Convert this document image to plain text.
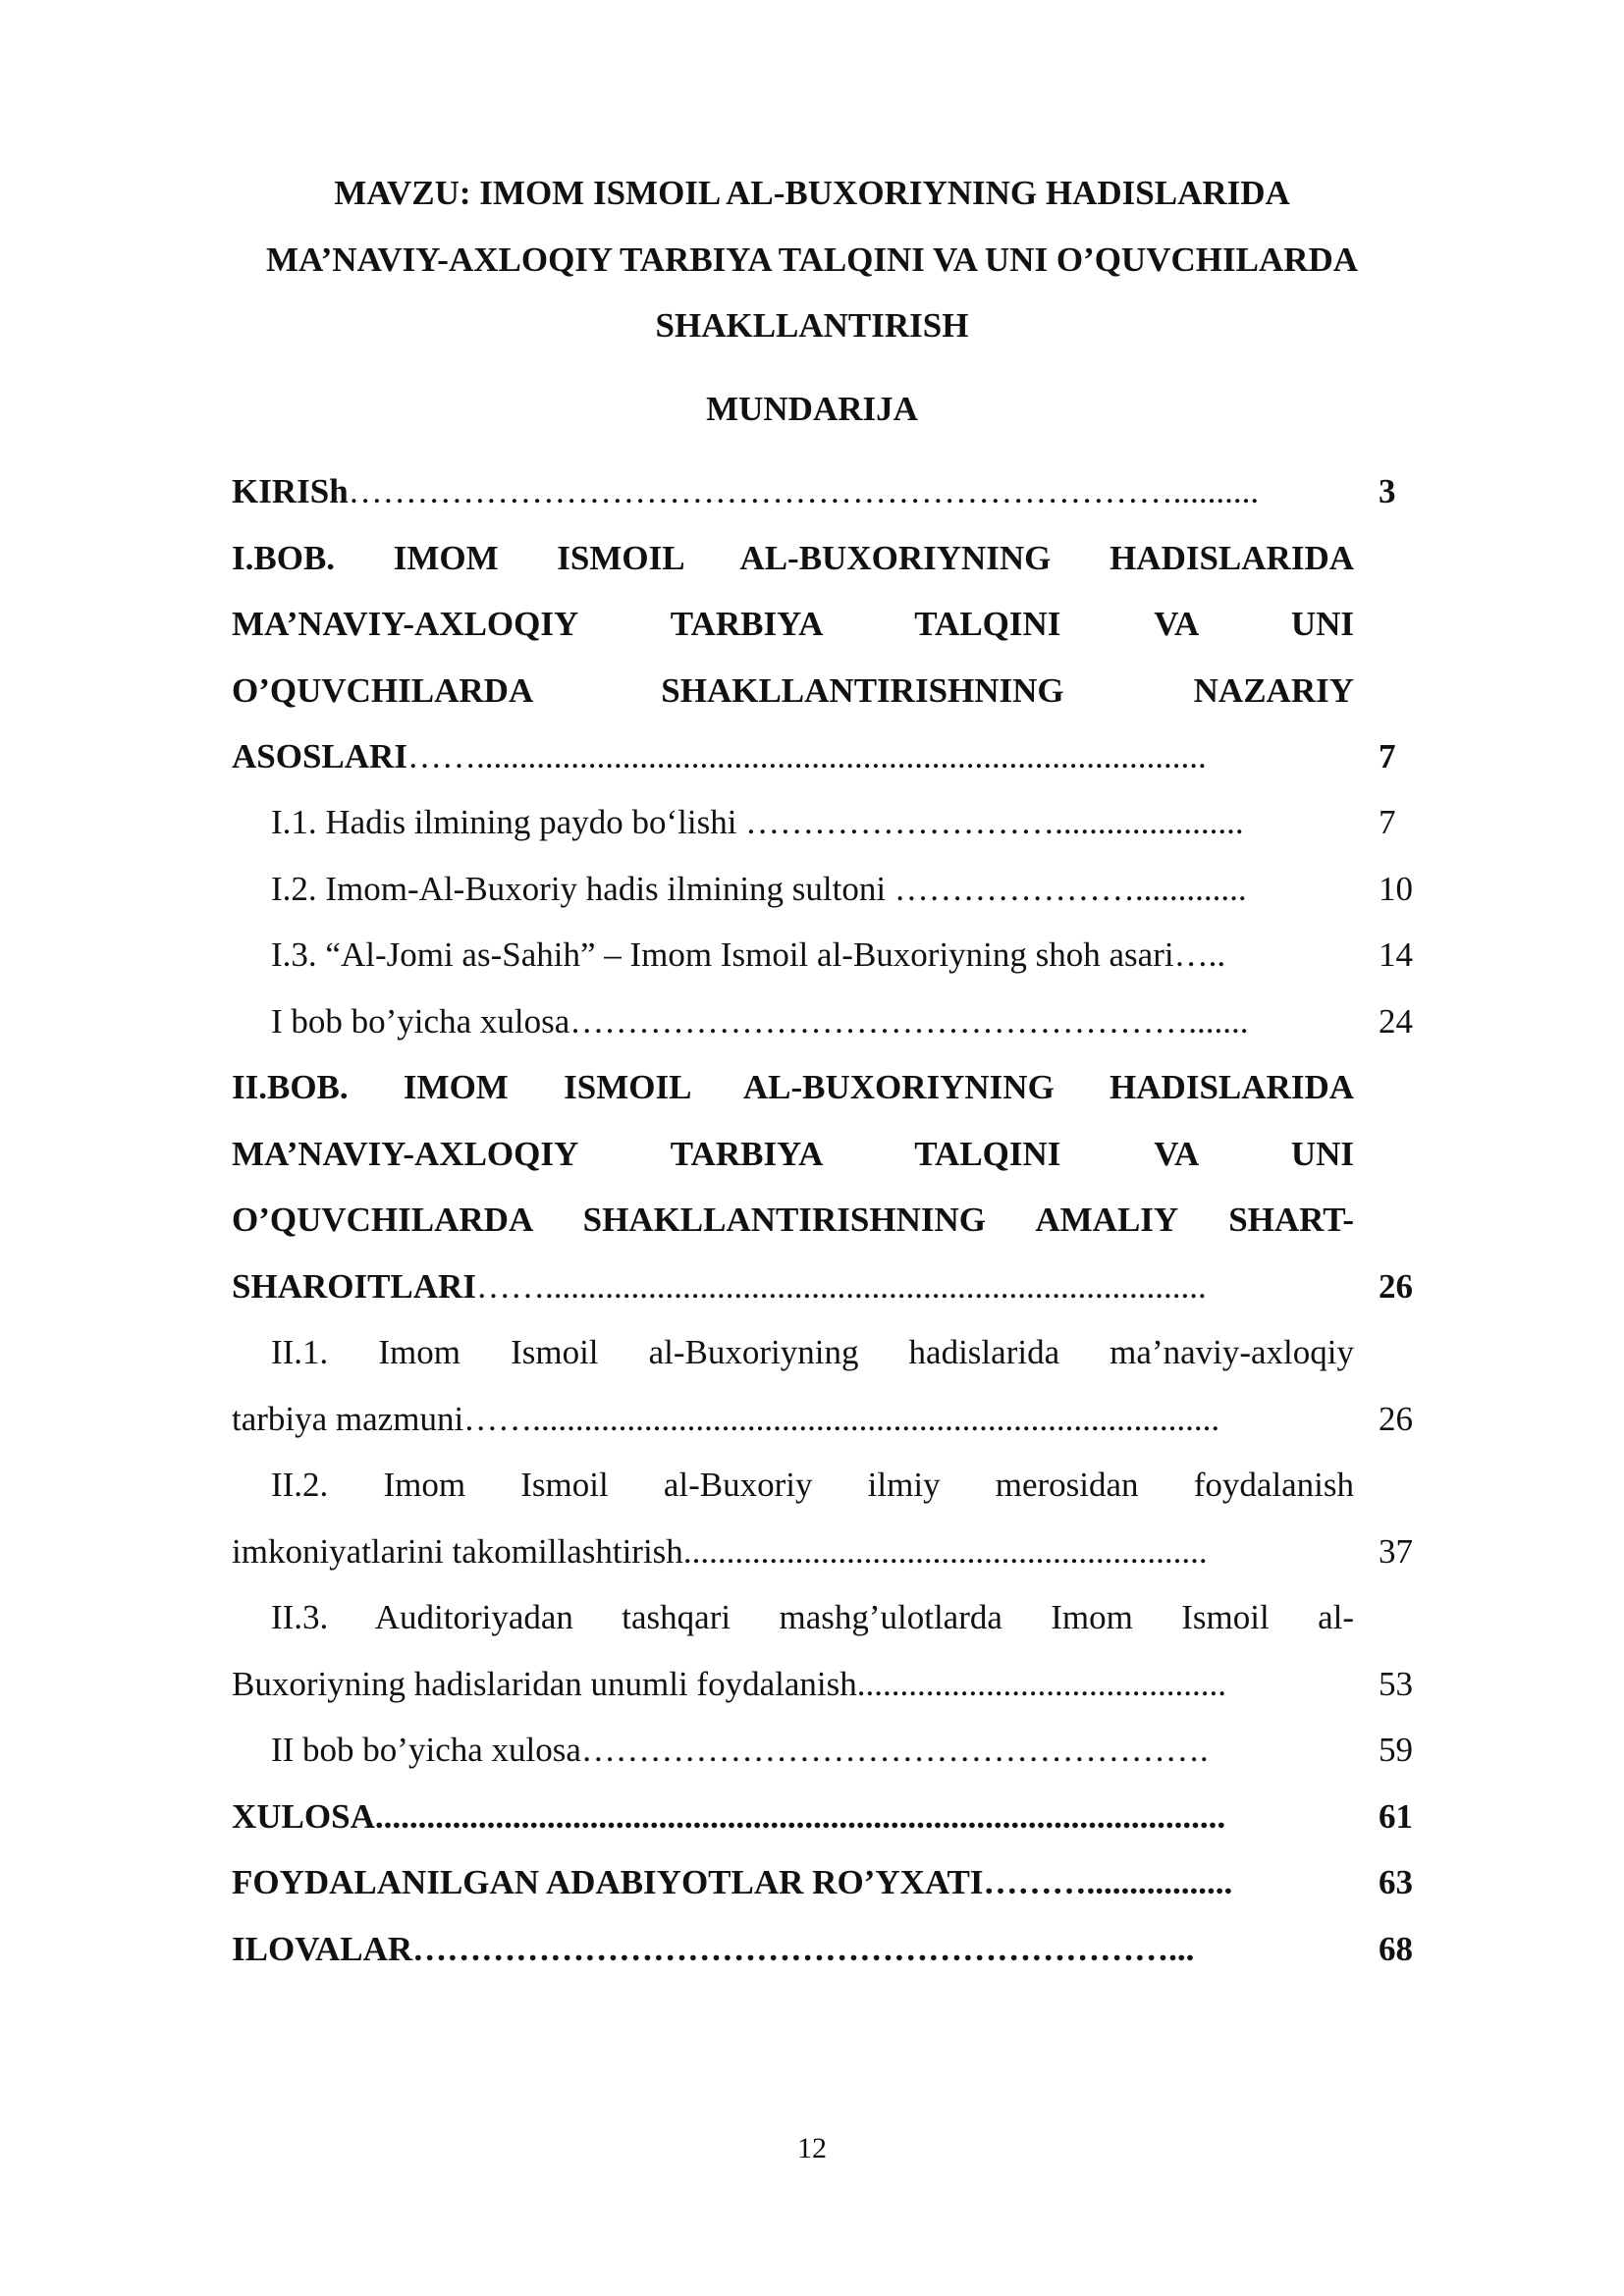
MAVZU: IMOM ISMOIL AL-BUXORIYNING HADISLARIDA
MA’NAVIY-AXLOQIY TARBIYA TALQINI VA UNI O’QUVCHILARDA
SHAKLLANTIRISH
MUNDARIJA
KIRISh………………………………………………………………..........	3
I.BOB. IMOM ISMOIL AL-BUXORIYNING HADISLARIDA
MA’NAVIY-AXLOQIY TARBIYA TALQINI VA UNI
O’QUVCHILARDA SHAKLLANTIRISHNING NAZARIY
ASOSLARI…….....................................................................................	7
I.1. Hadis ilmining paydo bo‘lishi ………………………......................	7
I.2. Imom-Al-Buxoriy hadis ilmining sultoni ………………….............	10
I.3. “Al-Jomi as-Sahih” – Imom Ismoil al-Buxoriyning shoh asari…..	14
I bob bo’yicha xulosa……………………………………………….......	24
II.BOB. IMOM ISMOIL AL-BUXORIYNING HADISLARIDA
MA’NAVIY-AXLOQIY TARBIYA TALQINI VA UNI
O’QUVCHILARDA SHAKLLANTIRISHNING AMALIY SHART-
SHAROITLARI…….............................................................................	26
II.1. Imom Ismoil al-Buxoriyning hadislarida ma’naviy-axloqiy
tarbiya mazmuni……................................................................................	26
II.2. Imom Ismoil al-Buxoriy ilmiy merosidan foydalanish
imkoniyatlarini takomillashtirish.............................................................	37
II.3. Auditoriyadan tashqari mashg’ulotlarda Imom Ismoil al-
Buxoriyning hadislaridan unumli foydalanish...........................................	53
II bob bo’yicha xulosa……………………………………………….	59
XULOSA...................................................................................................	61
FOYDALANILGAN ADABIYOTLAR RO’YXATI……….................	63
ILOVALAR…………………………………………………………...	68
12
